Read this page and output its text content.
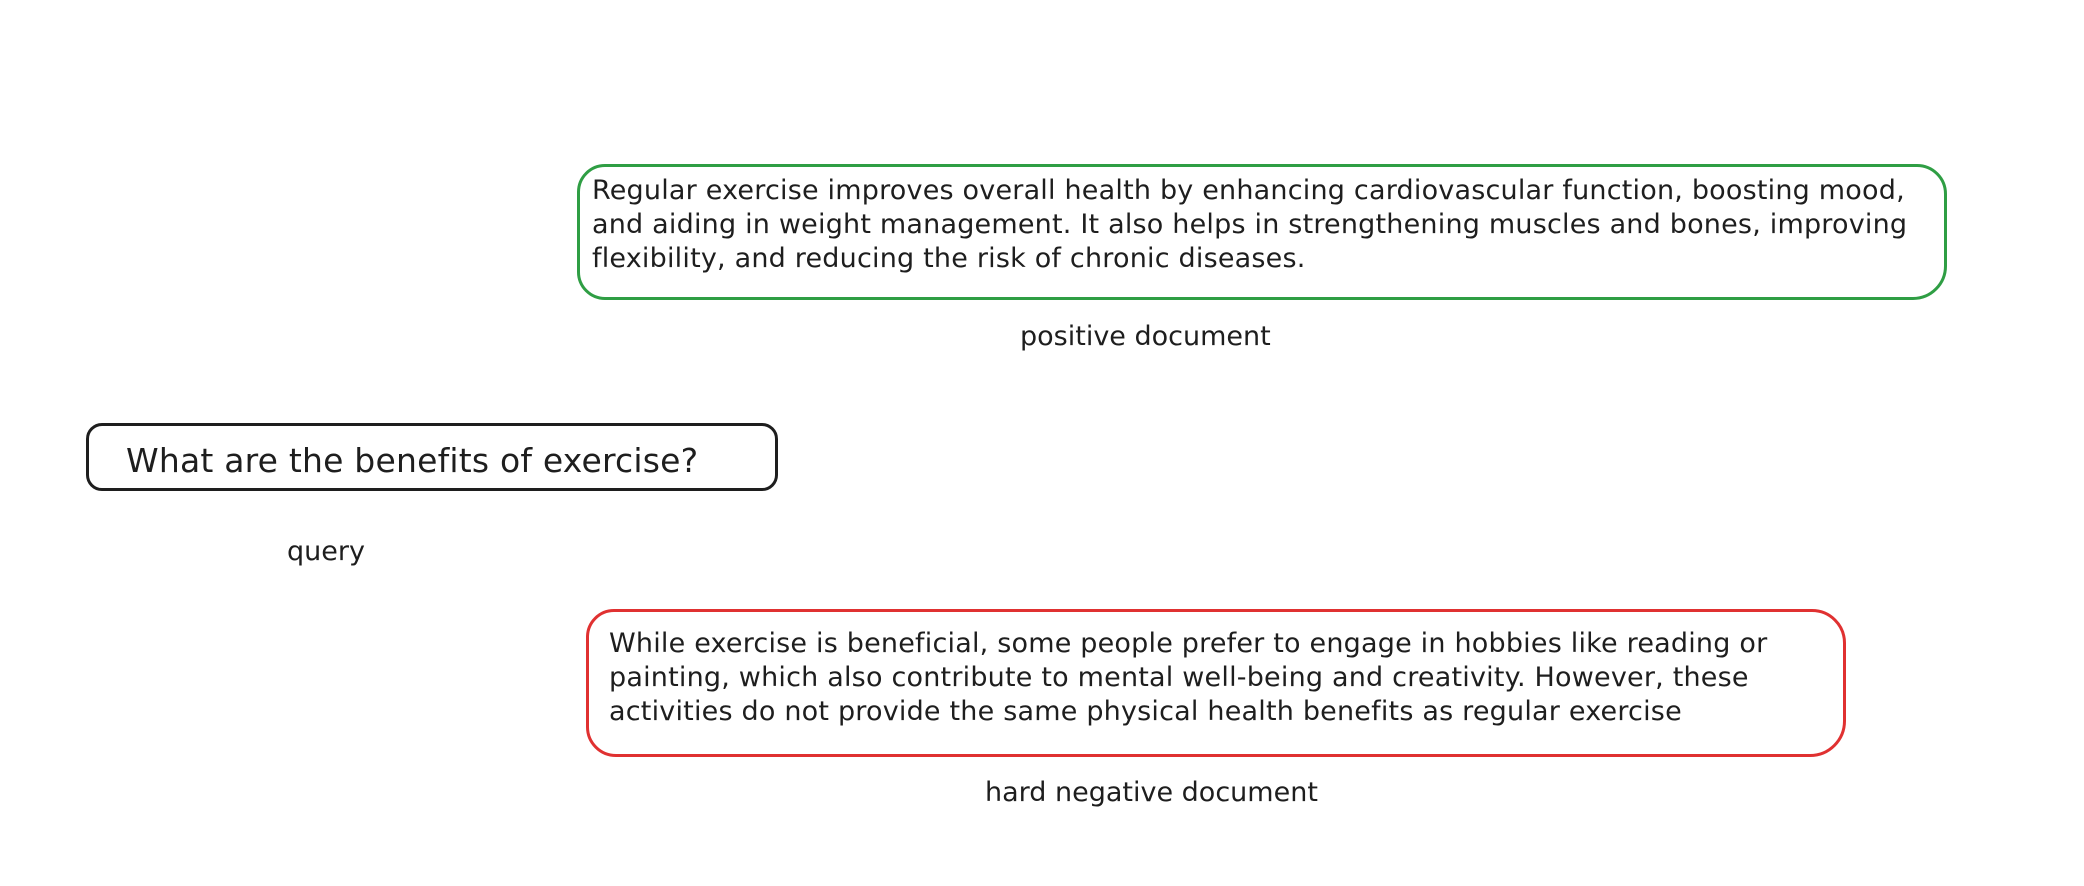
Regular exercise improves overall health by enhancing cardiovascular function, boosting mood, and aiding in weight management. It also helps in strengthening muscles and bones, improving flexibility, and reducing the risk of chronic diseases.
positive document
What are the benefits of exercise?
query
While exercise is beneficial, some people prefer to engage in hobbies like reading or painting, which also contribute to mental well-being and creativity. However, these activities do not provide the same physical health benefits as regular exercise
hard negative document
